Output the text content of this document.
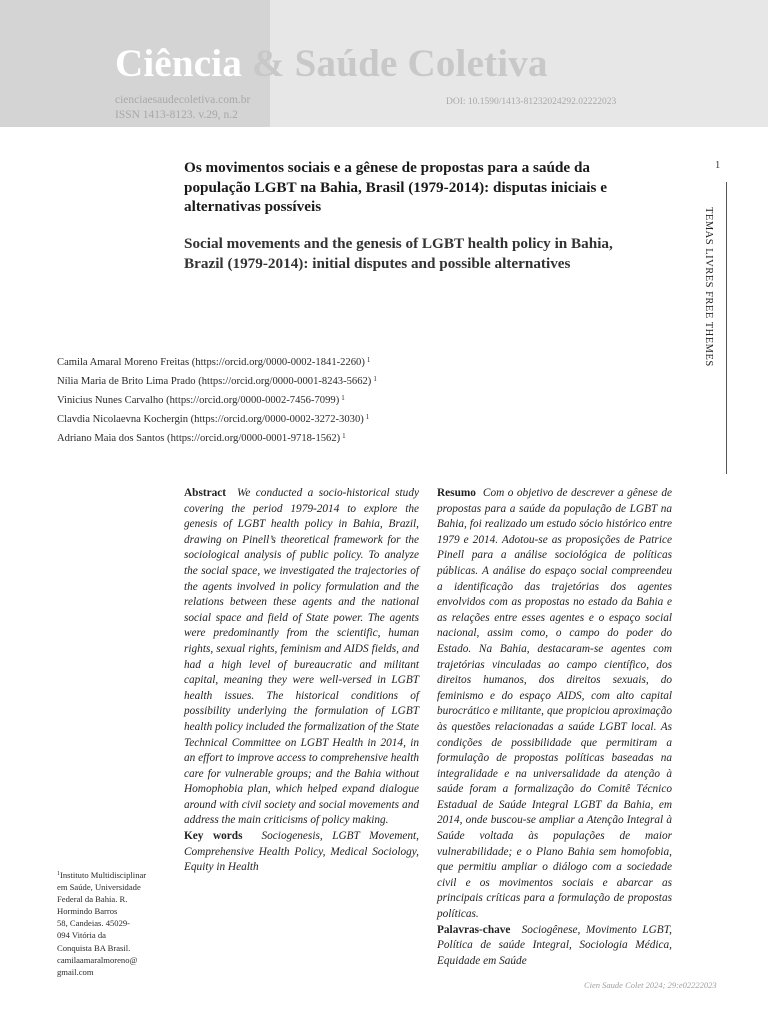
Ciência & Saúde Coletiva
cienciaesaudecoletiva.com.br
ISSN 1413-8123. v.29, n.2
DOI: 10.1590/1413-81232024292.02222023
1
TEMAS LIVRES FREE THEMES
Os movimentos sociais e a gênese de propostas para a saúde da população LGBT na Bahia, Brasil (1979-2014): disputas iniciais e alternativas possíveis
Social movements and the genesis of LGBT health policy in Bahia, Brazil (1979-2014): initial disputes and possible alternatives
Camila Amaral Moreno Freitas (https://orcid.org/0000-0002-1841-2260) $^1$
Nília Maria de Brito Lima Prado (https://orcid.org/0000-0001-8243-5662) $^1$
Vinicius Nunes Carvalho (https://orcid.org/0000-0002-7456-7099) $^1$
Clavdia Nicolaevna Kochergin (https://orcid.org/0000-0002-3272-3030) $^1$
Adriano Maia dos Santos (https://orcid.org/0000-0001-9718-1562) $^1$

Abstract We conducted a socio-historical study covering the period 1979-2014 to explore the genesis of LGBT health policy in Bahia, Brazil, drawing on Pinell’s theoretical framework for the sociological analysis of public policy. To analyze the social space, we investigated the trajectories of the agents involved in policy formulation and the relations between these agents and the national social space and field of State power. The agents were predominantly from the scientific, human rights, sexual rights, feminism and AIDS fields, and had a high level of bureaucratic and militant capital, meaning they were well-versed in LGBT health issues. The historical conditions of possibility underlying the formulation of LGBT health policy included the formalization of the State Technical Committee on LGBT Health in 2014, in an effort to improve access to comprehensive health care for vulnerable groups; and the Bahia without Homophobia plan, which helped expand dialogue around with civil society and social movements and address the main criticisms of policy making.

Key words Sociogenesis, LGBT Movement, Comprehensive Health Policy, Medical Sociology, Equity in Health

Resumo Com o objetivo de descrever a gênese de propostas para a saúde da população de LGBT na Bahia, foi realizado um estudo sócio histórico entre 1979 e 2014. Adotou-se as proposições de Patrice Pinell para a análise sociológica de políticas públicas. A análise do espaço social compreendeu a identificação das trajetórias dos agentes envolvidos com as propostas no estado da Bahia e as relações entre esses agentes e o espaço social nacional, assim como, o campo do poder do Estado. Na Bahia, destacaram-se agentes com trajetórias vinculadas ao campo científico, dos direitos humanos, dos direitos sexuais, do feminismo e do espaço AIDS, com alto capital burocrático e militante, que propiciou aproximação às questões relacionadas a saúde LGBT local. As condições de possibilidade que permitiram a formulação de propostas políticas baseadas na integralidade e na universalidade da atenção à saúde foram a formalização do Comitê Técnico Estadual de Saúde Integral LGBT da Bahia, em 2014, onde buscou-se ampliar a Atenção Integral à Saúde voltada às populações de maior vulnerabilidade; e o Plano Bahia sem homofobia, que permitiu ampliar o diálogo com a sociedade civil e os movimentos sociais e abarcar as principais críticas para a formulação de propostas políticas.

Palavras-chave Sociogênese, Movimento LGBT, Política de saúde Integral, Sociologia Médica, Equidade em Saúde

$^1$Instituto Multidisciplinar
em Saúde, Universidade
Federal da Bahia. R.
Hormindo Barros
58, Candeias. 45029-
094 Vitória da
Conquista BA Brasil.
camilaamaralmoreno@
gmail.com
Cien Saude Colet 2024; 29:e02222023
